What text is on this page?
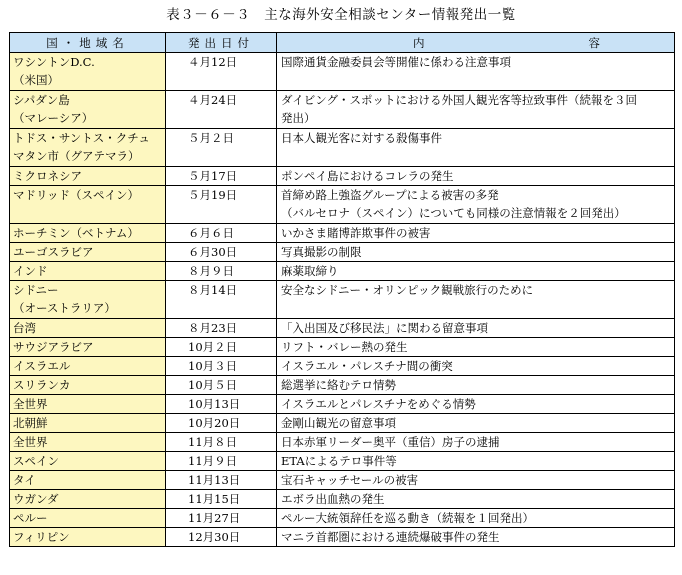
表３－６－３　主な海外安全相談センター情報発出一覧
国・地域名	発出日付	内 容

ワシントンD.C.
（米国）	４月12日	国際通貨金融委員会等開催に係わる注意事項

シパダン島
（マレーシア）	４月24日	ダイビング・スポットにおける外国人観光客等拉致事件（続報を３回
発出）

トドス・サントス・クチュ
マタン市（グアテマラ）	５月２日	日本人観光客に対する殺傷事件

ミクロネシア	５月17日	ポンペイ島におけるコレラの発生

マドリッド（スペイン）	５月19日	首締め路上強盗グループによる被害の多発
（バルセロナ（スペイン）についても同様の注意情報を２回発出）

ホーチミン（ベトナム）	６月６日	いかさま賭博詐欺事件の被害

ユーゴスラビア	６月30日	写真撮影の制限

インド	８月９日	麻薬取締り

シドニー
（オーストラリア）	８月14日	安全なシドニー・オリンピック観戦旅行のために

台湾	８月23日	「入出国及び移民法」に関わる留意事項

サウジアラビア	10月２日	リフト・バレー熱の発生

イスラエル	10月３日	イスラエル・パレスチナ間の衝突

スリランカ	10月５日	総選挙に絡むテロ情勢

全世界	10月13日	イスラエルとパレスチナをめぐる情勢

北朝鮮	10月20日	金剛山観光の留意事項

全世界	11月８日	日本赤軍リーダー奥平（重信）房子の逮捕

スペイン	11月９日	ETAによるテロ事件等

タイ	11月13日	宝石キャッチセールの被害

ウガンダ	11月15日	エボラ出血熱の発生

ペルー	11月27日	ペルー大統領辞任を巡る動き（続報を１回発出）

フィリピン	12月30日	マニラ首都圏における連続爆破事件の発生
